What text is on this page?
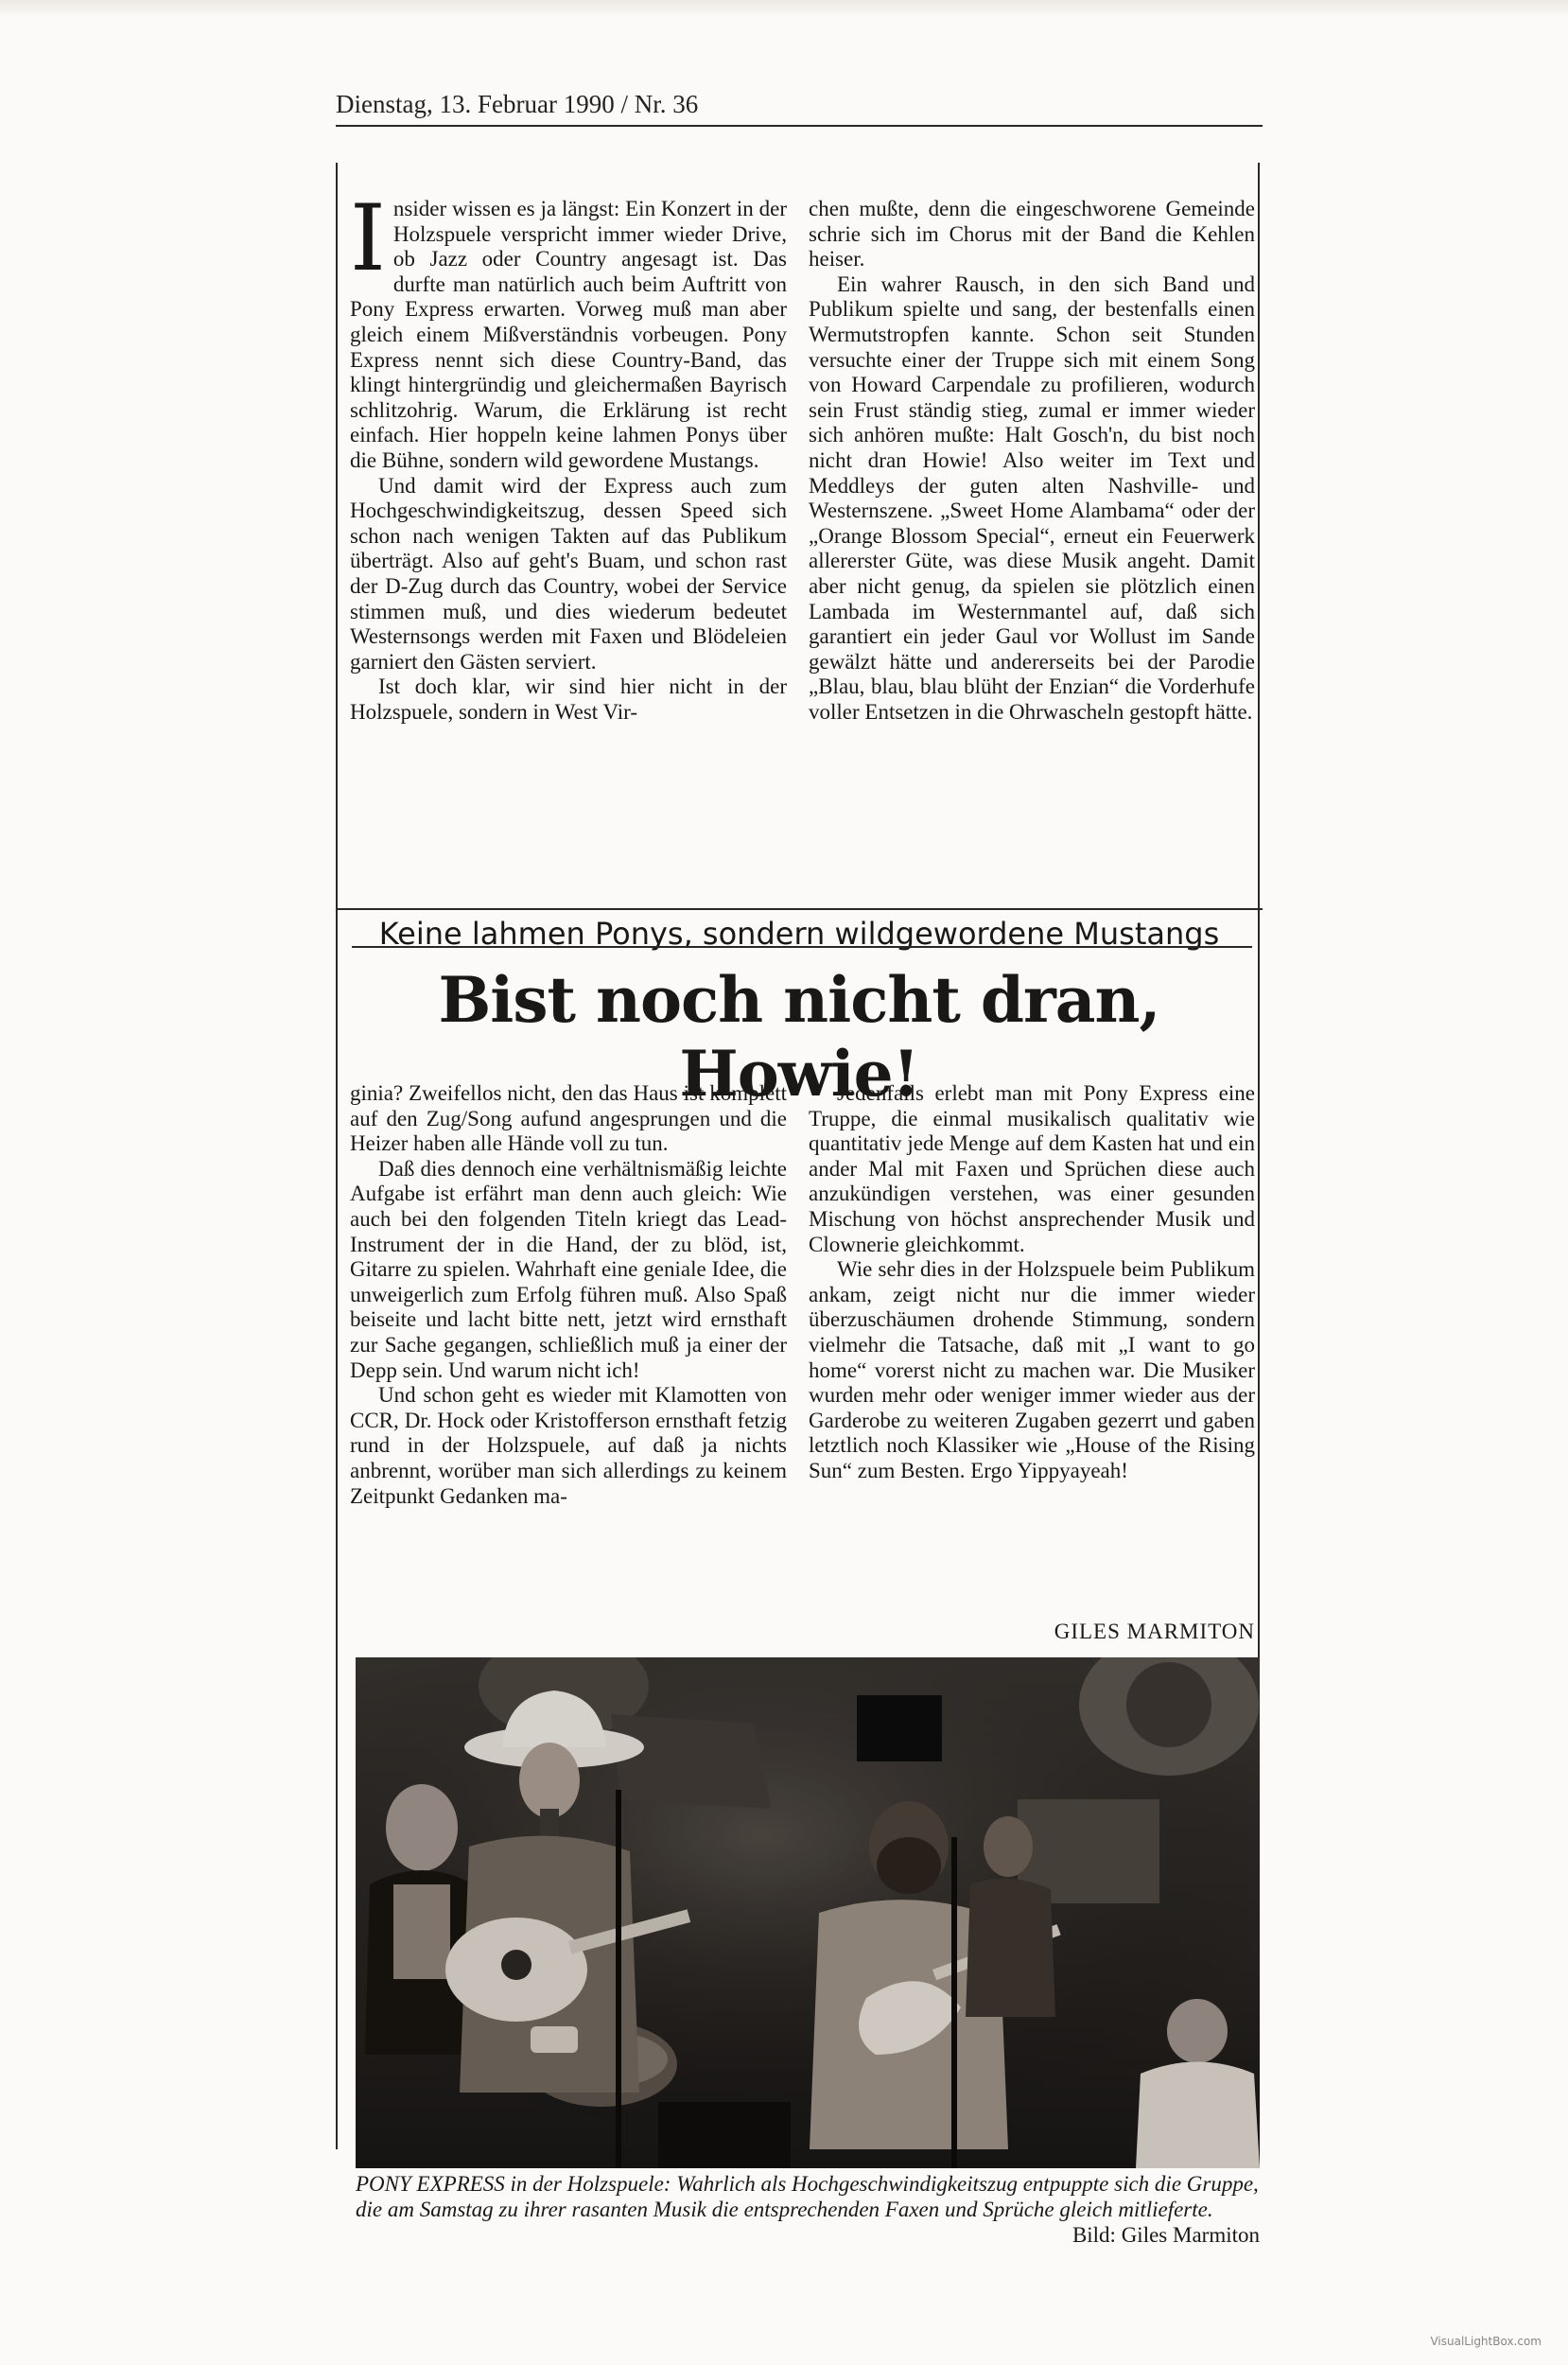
Dienstag, 13. Februar 1990 / Nr. 36

Insider wissen es ja längst: Ein Konzert in der Holzspuele verspricht immer wieder Drive, ob Jazz oder Country angesagt ist. Das durfte man natürlich auch beim Auftritt von Pony Express erwarten. Vorweg muß man aber gleich einem Mißverständnis vorbeugen. Pony Express nennt sich diese Country-Band, das klingt hintergründig und gleichermaßen Bayrisch schlitzohrig. Warum, die Erklärung ist recht einfach. Hier hoppeln keine lahmen Ponys über die Bühne, sondern wild gewordene Mustangs.

Und damit wird der Express auch zum Hochgeschwindigkeitszug, dessen Speed sich schon nach wenigen Takten auf das Publikum überträgt. Also auf geht's Buam, und schon rast der D-Zug durch das Country, wobei der Service stimmen muß, und dies wiederum bedeutet Westernsongs werden mit Faxen und Blödeleien garniert den Gästen serviert.

Ist doch klar, wir sind hier nicht in der Holzspuele, sondern in West Vir-

chen mußte, denn die eingeschworene Gemeinde schrie sich im Chorus mit der Band die Kehlen heiser.

Ein wahrer Rausch, in den sich Band und Publikum spielte und sang, der bestenfalls einen Wermutstropfen kannte. Schon seit Stunden versuchte einer der Truppe sich mit einem Song von Howard Carpendale zu profilieren, wodurch sein Frust ständig stieg, zumal er immer wieder sich anhören mußte: Halt Gosch'n, du bist noch nicht dran Howie! Also weiter im Text und Meddleys der guten alten Nashville- und Westernszene. „Sweet Home Alambama“ oder der „Orange Blossom Special“, erneut ein Feuerwerk allererster Güte, was diese Musik angeht. Damit aber nicht genug, da spielen sie plötzlich einen Lambada im Westernmantel auf, daß sich garantiert ein jeder Gaul vor Wollust im Sande gewälzt hätte und andererseits bei der Parodie „Blau, blau, blau blüht der Enzian“ die Vorderhufe voller Entsetzen in die Ohrwascheln gestopft hätte.

Keine lahmen Ponys, sondern wildgewordene Mustangs
Bist noch nicht dran, Howie!

ginia? Zweifellos nicht, den das Haus ist komplett auf den Zug/Song aufund angesprungen und die Heizer haben alle Hände voll zu tun.

Daß dies dennoch eine verhältnismäßig leichte Aufgabe ist erfährt man denn auch gleich: Wie auch bei den folgenden Titeln kriegt das Lead-Instrument der in die Hand, der zu blöd, ist, Gitarre zu spielen. Wahrhaft eine geniale Idee, die unweigerlich zum Erfolg führen muß. Also Spaß beiseite und lacht bitte nett, jetzt wird ernsthaft zur Sache gegangen, schließlich muß ja einer der Depp sein. Und warum nicht ich!

Und schon geht es wieder mit Klamotten von CCR, Dr. Hock oder Kristofferson ernsthaft fetzig rund in der Holzspuele, auf daß ja nichts anbrennt, worüber man sich allerdings zu keinem Zeitpunkt Gedanken ma-

Jedenfalls erlebt man mit Pony Express eine Truppe, die einmal musikalisch qualitativ wie quantitativ jede Menge auf dem Kasten hat und ein ander Mal mit Faxen und Sprüchen diese auch anzukündigen verstehen, was einer gesunden Mischung von höchst ansprechender Musik und Clownerie gleichkommt.

Wie sehr dies in der Holzspuele beim Publikum ankam, zeigt nicht nur die immer wieder überzuschäumen drohende Stimmung, sondern vielmehr die Tatsache, daß mit „I want to go home“ vorerst nicht zu machen war. Die Musiker wurden mehr oder weniger immer wieder aus der Garderobe zu weiteren Zugaben gezerrt und gaben letztlich noch Klassiker wie „House of the Rising Sun“ zum Besten. Ergo Yippyayeah!

GILES MARMITON
PONY EXPRESS in der Holzspuele: Wahrlich als Hochgeschwindigkeitszug entpuppte sich die Gruppe, die am Samstag zu ihrer rasanten Musik die entsprechenden Faxen und Sprüche gleich mitlieferte.
Bild: Giles Marmiton
VisualLightBox.com
